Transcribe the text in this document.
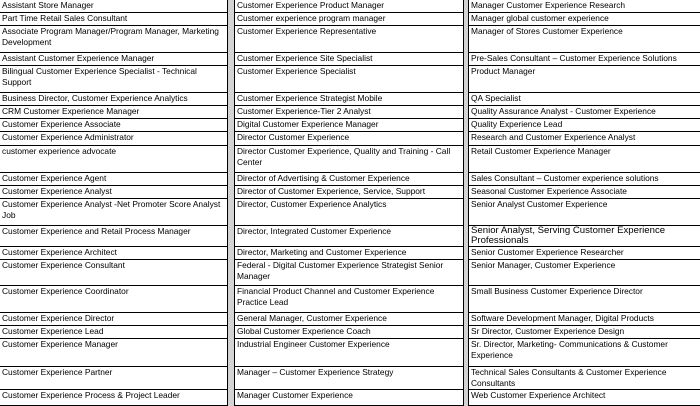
Assistant Store Manager
Part Time Retail Sales Consultant
Associate Program Manager/Program Manager, Marketing Development
Assistant Customer Experience Manager
Bilingual Customer Experience Specialist - Technical Support
Business Director, Customer Experience Analytics
CRM Customer Experience Manager
Customer Experience Associate
Customer Experience Administrator
customer experience advocate
Customer Experience Agent
Customer Experience Analyst
Customer Experience Analyst -Net Promoter Score Analyst Job
Customer Experience and Retail Process Manager
Customer Experience Architect
Customer Experience Consultant
Customer Experience Coordinator
Customer Experience Director
Customer Experience Lead
Customer Experience Manager
Customer Experience Partner
Customer Experience Process & Project Leader
Customer Experience Product Manager
Customer experience program manager
Customer Experience Representative
Customer Experience Site Specialist
Customer Experience Specialist
Customer Experience Strategist Mobile
Customer Experience-Tier 2 Analyst
Digital Customer Experience Manager
Director Customer Experience
Director Customer Experience, Quality and Training - Call Center
Director of Advertising & Customer Experience
Director of Customer Experience, Service, Support
Director, Customer Experience Analytics
Director, Integrated Customer Experience
Director, Marketing and Customer Experience
Federal - Digital Customer Experience Strategist Senior Manager
Financial Product Channel and Customer Experience Practice Lead
General Manager, Customer Experience
Global Customer Experience Coach
Industrial Engineer Customer Experience
Manager – Customer Experience Strategy
Manager Customer Experience
Manager Customer Experience Research
Manager global customer experience
Manager of Stores Customer Experience
Pre-Sales Consultant – Customer Experience Solutions
Product Manager
QA Specialist
Quality Assurance Analyst - Customer Experience
Quality Experience Lead
Research and Customer Experience Analyst
Retail Customer Experience Manager
Sales Consultant – Customer experience solutions
Seasonal Customer Experience Associate
Senior Analyst Customer Experience
Senior Analyst, Serving Customer Experience Professionals
Senior Customer Experience Researcher
Senior Manager, Customer Experience
Small Business Customer Experience Director
Software Development Manager, Digital Products
Sr Director, Customer Experience Design
Sr. Director, Marketing- Communications & Customer Experience
Technical Sales Consultants & Customer Experience Consultants
Web Customer Experience Architect
